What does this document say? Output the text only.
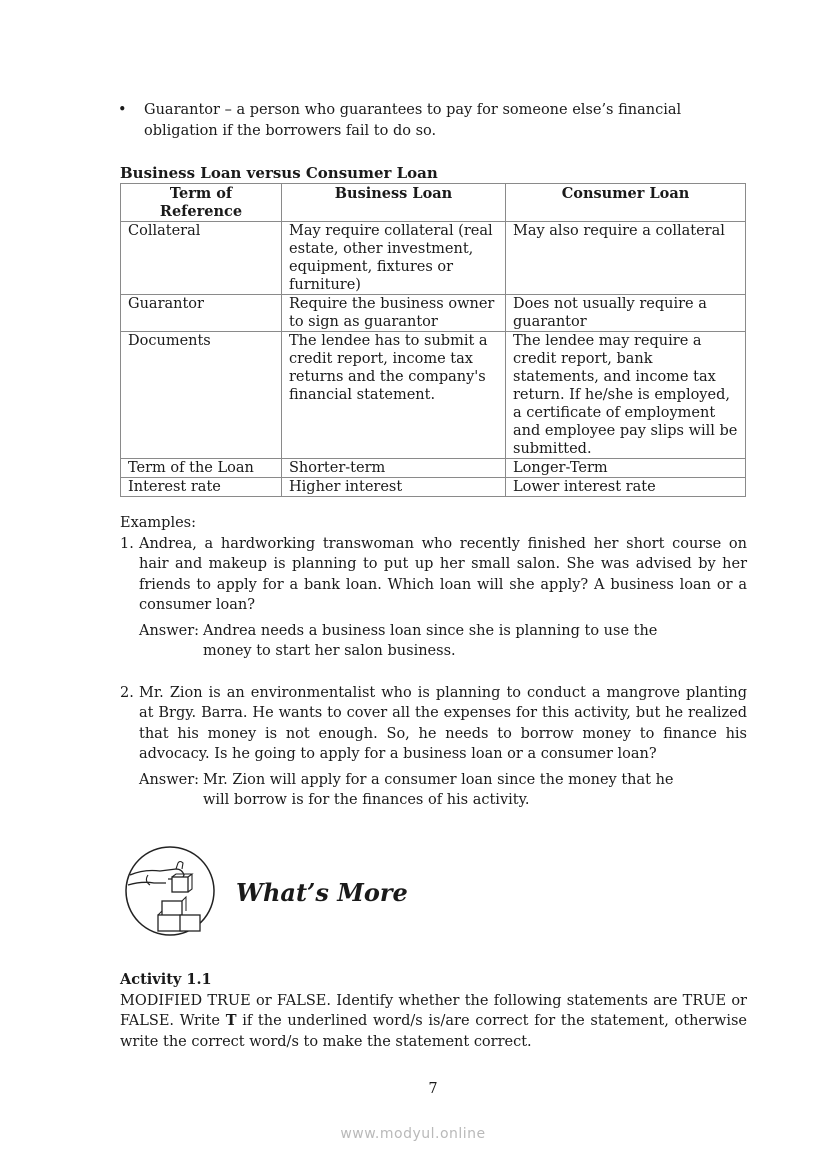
• Guarantor – a person who guarantees to pay for someone else’s financial obligation if the borrowers fail to do so.
Business Loan versus Consumer Loan
Term of Reference	Business Loan	Consumer Loan
Collateral	May require collateral (real estate, other investment, equipment, fixtures or furniture)	May also require a collateral
Guarantor	Require the business owner to sign as guarantor	Does not usually require a guarantor
Documents	The lendee has to submit a credit report, income tax returns and the company's financial statement.	The lendee may require a credit report, bank statements, and income tax return. If he/she is employed, a certificate of employment and employee pay slips will be submitted.
Term of the Loan	Shorter-term	Longer-Term
Interest rate	Higher interest	Lower interest rate
Examples:
1. Andrea, a hardworking transwoman who recently finished her short course on hair and makeup is planning to put up her small salon. She was advised by her friends to apply for a bank loan. Which loan will she apply? A business loan or a consumer loan?
Answer: Andrea needs a business loan since she is planning to use the
money to start her salon business.
2. Mr. Zion is an environmentalist who is planning to conduct a mangrove planting at Brgy. Barra. He wants to cover all the expenses for this activity, but he realized that his money is not enough. So, he needs to borrow money to finance his advocacy. Is he going to apply for a business loan or a consumer loan?
Answer: Mr. Zion will apply for a consumer loan since the money that he
will borrow is for the finances of his activity.
What’s More
Activity 1.1

MODIFIED TRUE or FALSE. Identify whether the following statements are TRUE or FALSE. Write T if the underlined word/s is/are correct for the statement, otherwise write the correct word/s to make the statement correct.

7
www.modyul.online
